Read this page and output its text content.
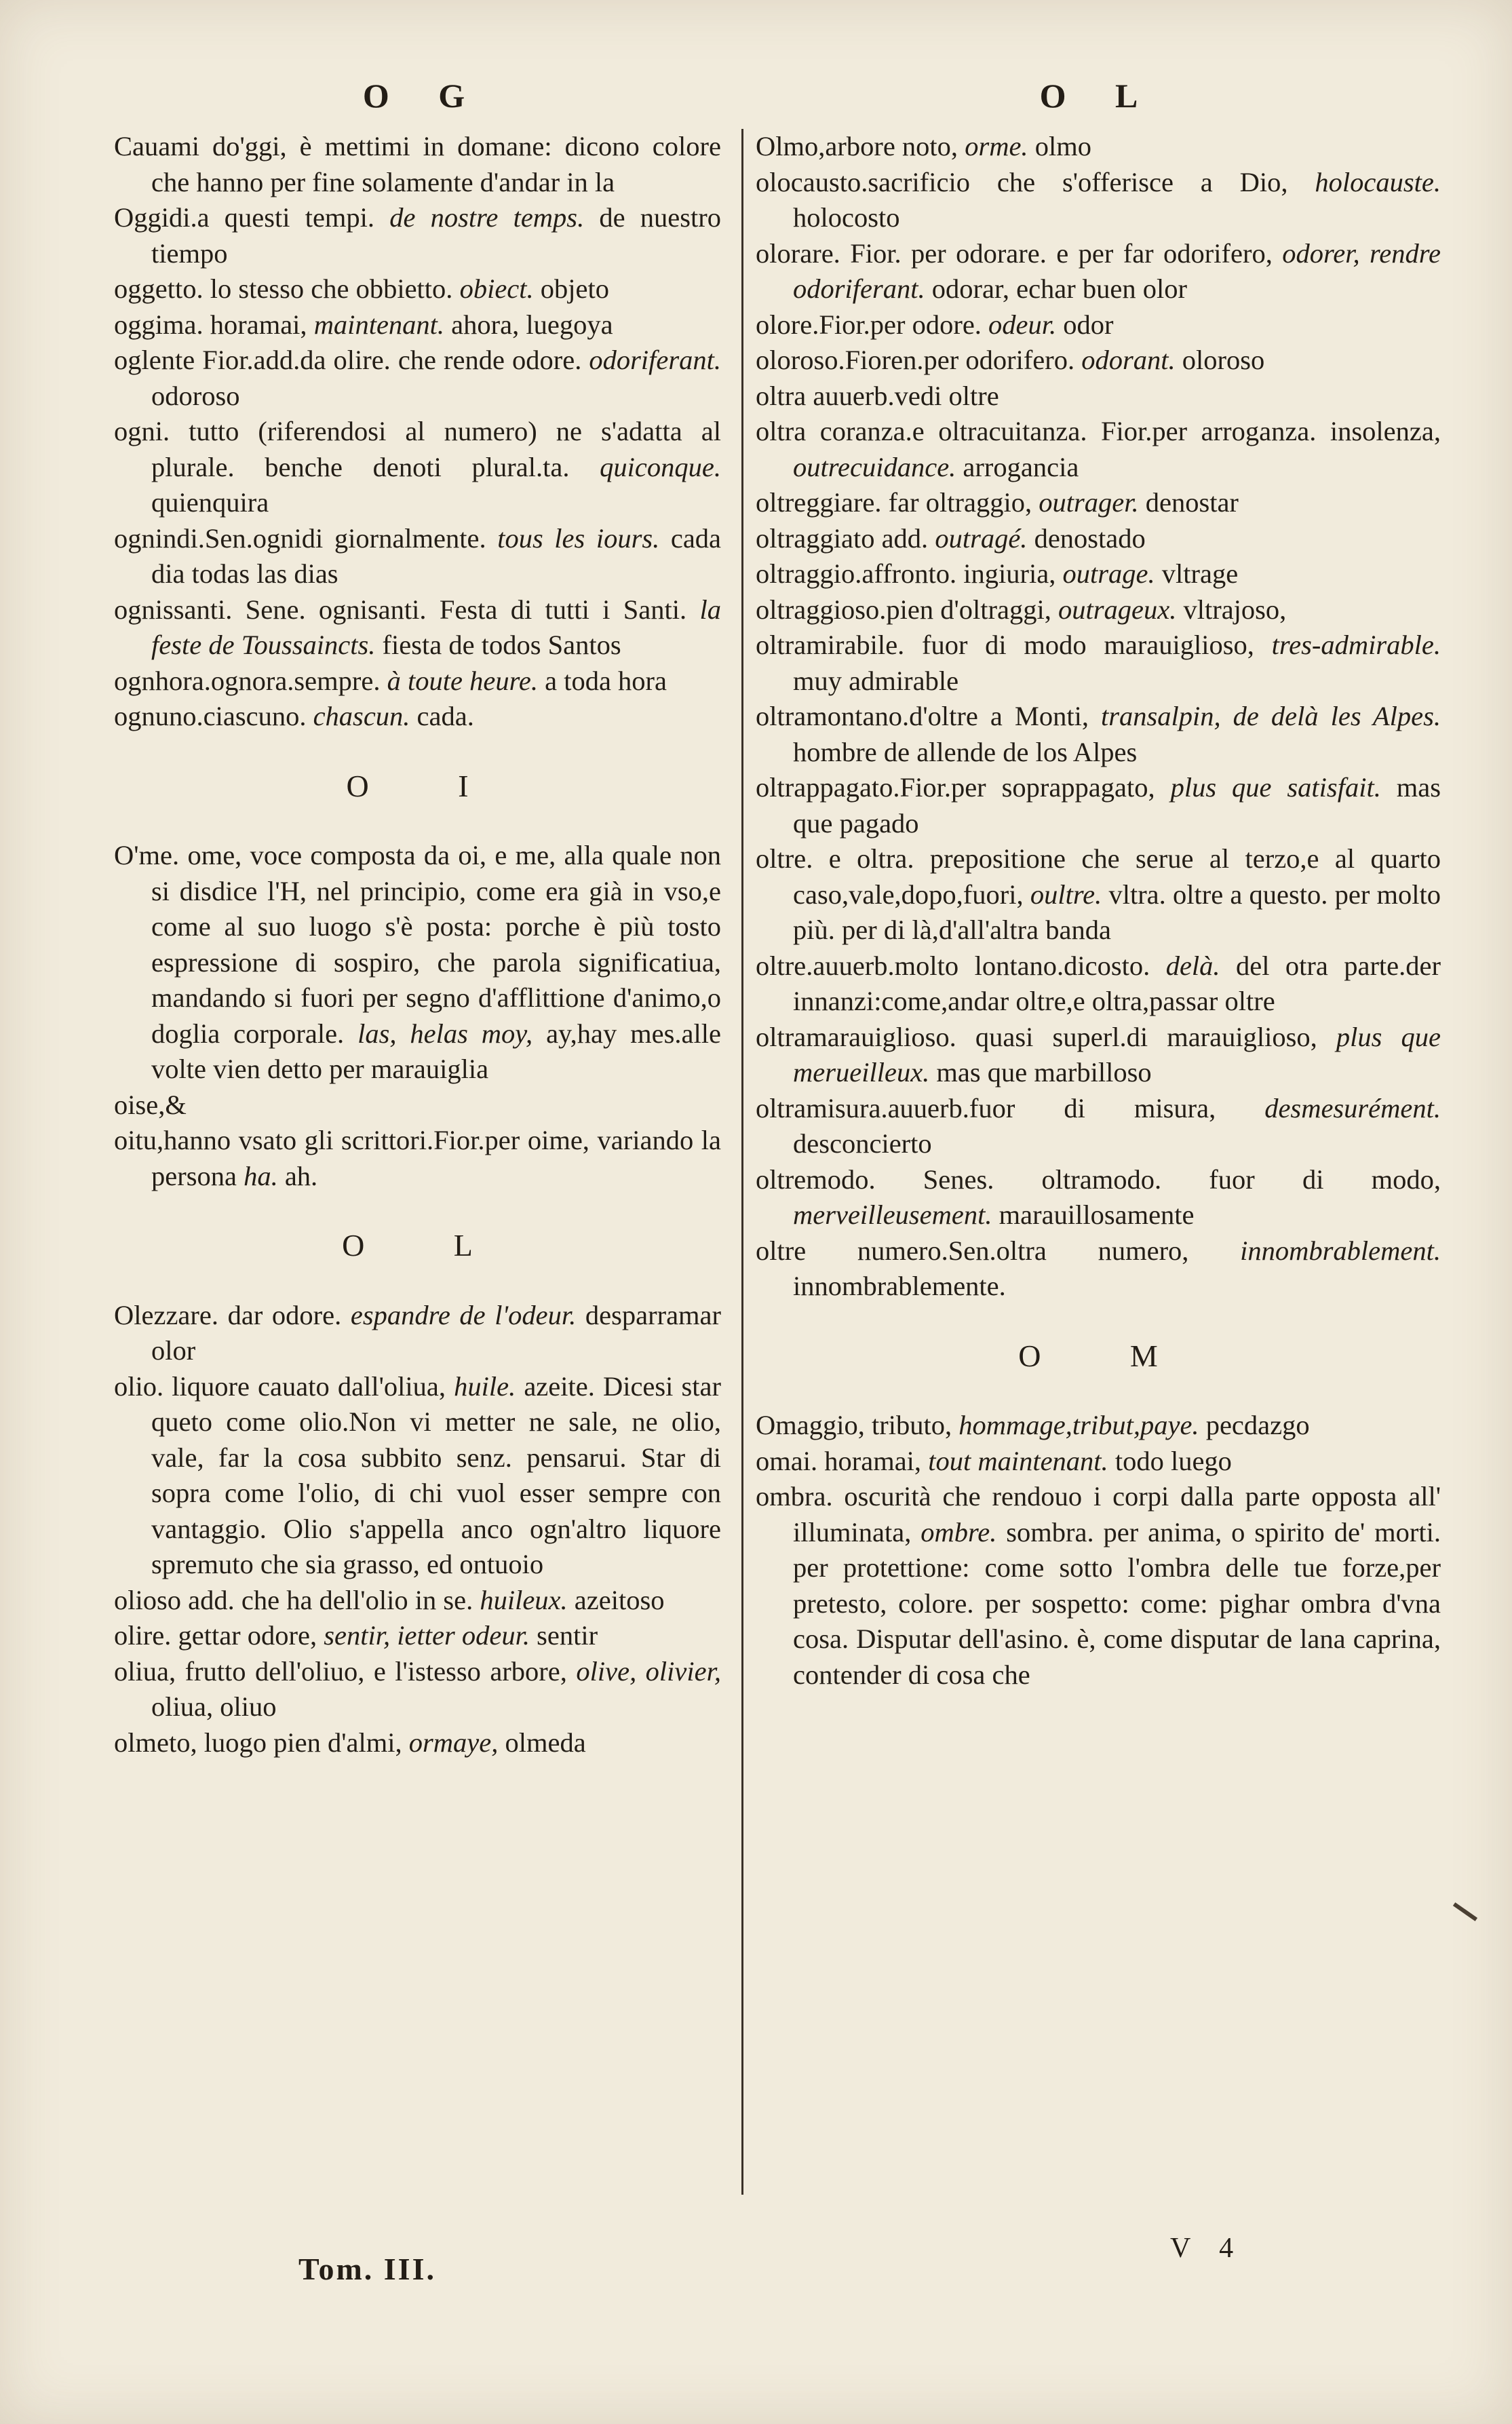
O G	O L

Cauami do'ggi, è mettimi in domane: dicono colore che hanno per fine solamente d'andar in la

Oggidi.a questi tempi. de nostre temps. de nuestro tiempo

oggetto. lo stesso che obbietto. obiect. objeto

oggima. horamai, maintenant. ahora, luegoya

oglente Fior.add.da olire. che rende odore. odoriferant. odoroso

ogni. tutto (riferendosi al numero) ne s'adatta al plurale. benche denoti plural.ta. quiconque. quienquira

ognindi.Sen.ognidi giornalmente. tous les iours. cada dia todas las dias

ognissanti. Sene. ognisanti. Festa di tutti i Santi. la feste de Toussaincts. fiesta de todos Santos

ognhora.ognora.sempre. à toute heure. a toda hora

ognuno.ciascuno. chascun. cada.

O I

O'me. ome, voce composta da oi, e me, alla quale non si disdice l'H, nel principio, come era già in vso,e come al suo luogo s'è posta: porche è più tosto espressione di sospiro, che parola significatiua, mandando si fuori per segno d'afflittione d'animo,o doglia corporale. las, helas moy, ay,hay mes.alle volte vien detto per marauiglia

oise,&

oitu,hanno vsato gli scrittori.Fior.per oime, variando la persona ha. ah.

O L

Olezzare. dar odore. espandre de l'odeur. desparramar olor

olio. liquore cauato dall'oliua, huile. azeite. Dicesi star queto come olio.Non vi metter ne sale, ne olio, vale, far la cosa subbito senz. pensarui. Star di sopra come l'olio, di chi vuol esser sempre con vantaggio. Olio s'appella anco ogn'altro liquore spremuto che sia grasso, ed ontuoio

olioso add. che ha dell'olio in se. huileux. azeitoso

olire. gettar odore, sentir, ietter odeur. sentir

oliua, frutto dell'oliuo, e l'istesso arbore, olive, olivier, oliua, oliuo

olmeto, luogo pien d'almi, ormaye, olmeda

Olmo,arbore noto, orme. olmo

olocausto.sacrificio che s'offerisce a Dio, holocauste. holocosto

olorare. Fior. per odorare. e per far odorifero, odorer, rendre odoriferant. odorar, echar buen olor

olore.Fior.per odore. odeur. odor

oloroso.Fioren.per odorifero. odorant. oloroso

oltra auuerb.vedi oltre

oltra coranza.e oltracuitanza. Fior.per arroganza. insolenza, outrecuidance. arrogancia

oltreggiare. far oltraggio, outrager. denostar

oltraggiato add. outragé. denostado

oltraggio.affronto. ingiuria, outrage. vltrage

oltraggioso.pien d'oltraggi, outrageux. vltrajoso,

oltramirabile. fuor di modo marauiglioso, tres-admirable. muy admirable

oltramontano.d'oltre a Monti, transalpin, de delà les Alpes. hombre de allende de los Alpes

oltrappagato.Fior.per soprappagato, plus que satisfait. mas que pagado

oltre. e oltra. prepositione che serue al terzo,e al quarto caso,vale,dopo,fuori, oultre. vltra. oltre a questo. per molto più. per di là,d'all'altra banda

oltre.auuerb.molto lontano.dicosto. delà. del otra parte.der innanzi:come,andar oltre,e oltra,passar oltre

oltramarauiglioso. quasi superl.di marauiglioso, plus que merueilleux. mas que marbilloso

oltramisura.auuerb.fuor di misura, desmesurément. desconcierto

oltremodo. Senes. oltramodo. fuor di modo, merveilleusement. marauillosamente

oltre numero.Sen.oltra numero, innombrablement. innombrablemente.

O M

Omaggio, tributo, hommage,tribut,paye. pecdazgo

omai. horamai, tout maintenant. todo luego

ombra. oscurità che rendouo i corpi dalla parte opposta all' illuminata, ombre. sombra. per anima, o spirito de' morti. per protettione: come sotto l'ombra delle tue forze,per pretesto, colore. per sospetto: come: pighar ombra d'vna cosa. Disputar dell'asino. è, come disputar de lana caprina, contender di cosa che

Tom. III.
V 4
